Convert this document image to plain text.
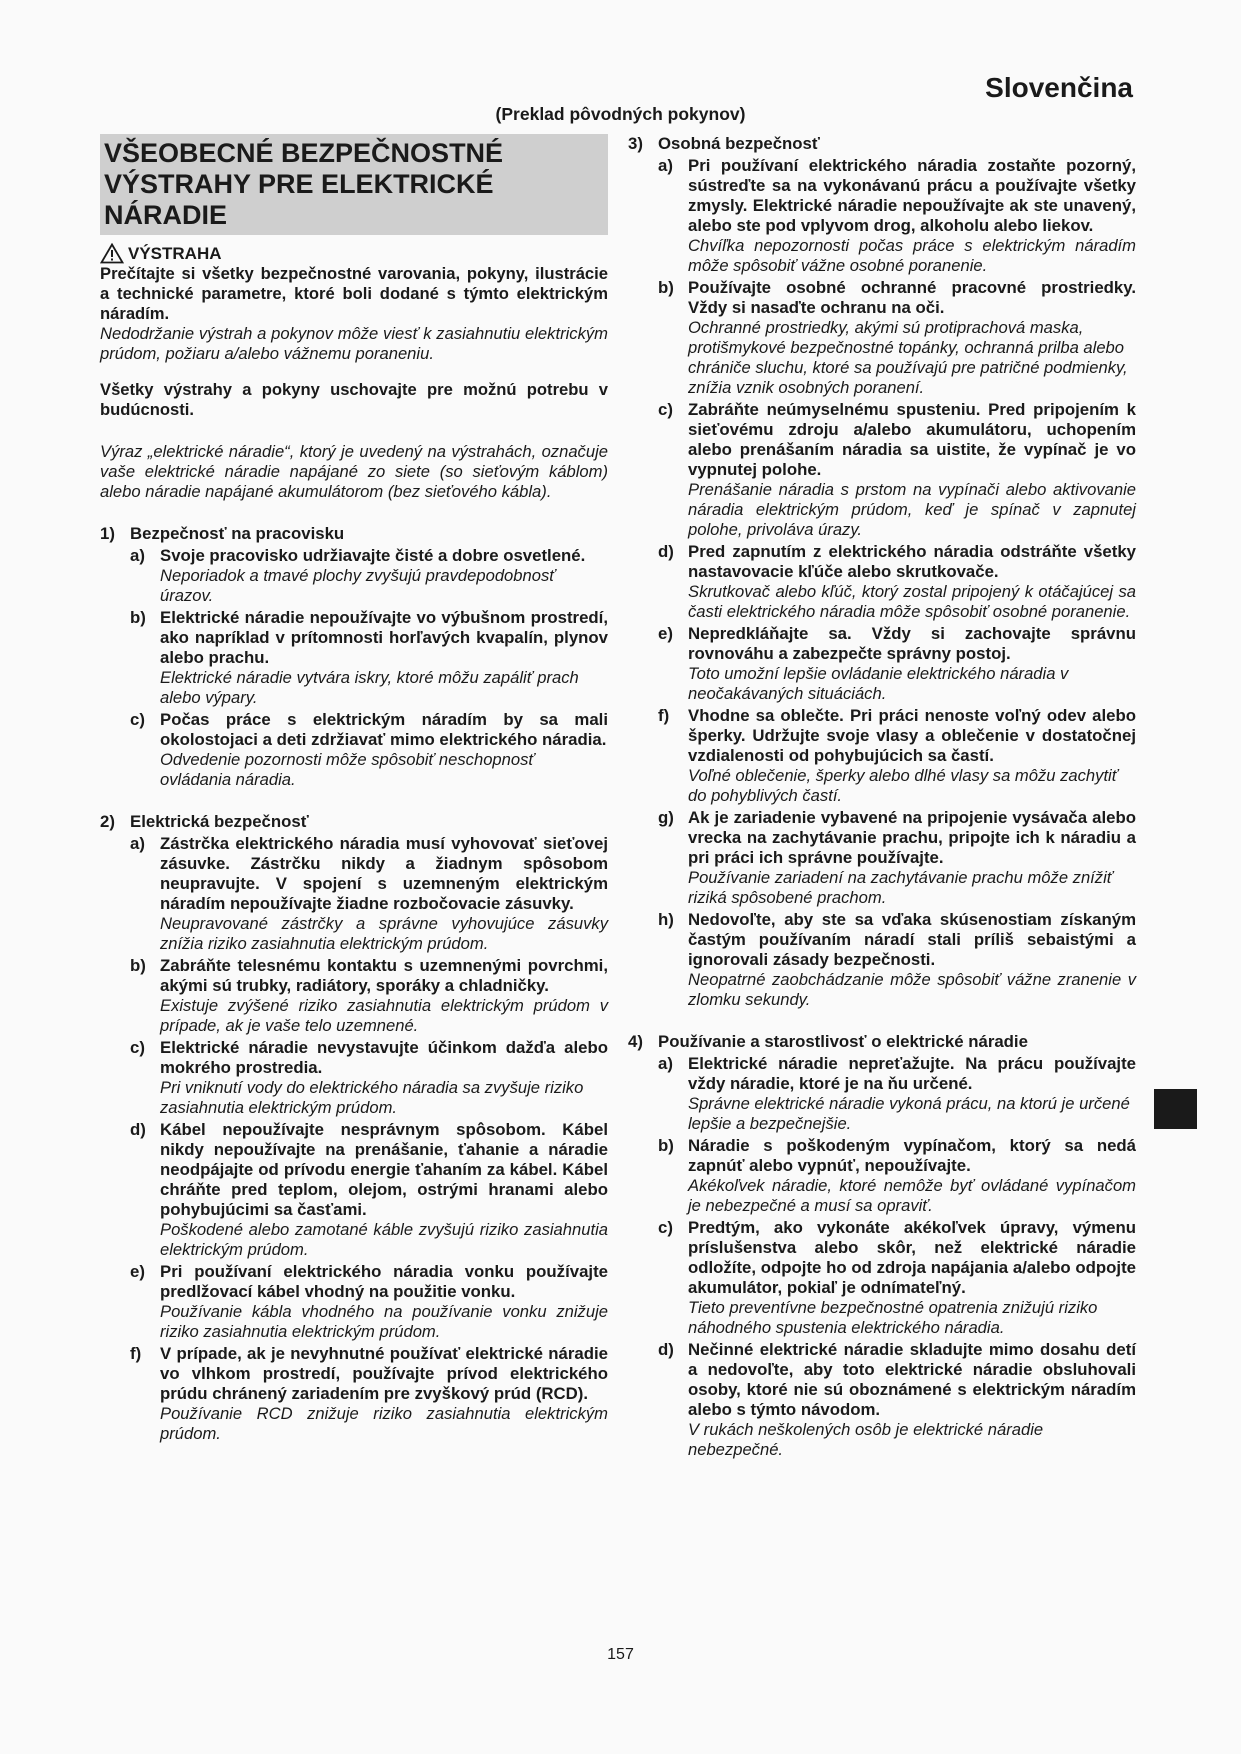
Slovenčina
(Preklad pôvodných pokynov)
VŠEOBECNÉ BEZPEČNOSTNÉ VÝSTRAHY PRE ELEKTRICKÉ NÁRADIE
VÝSTRAHA

Prečítajte si všetky bezpečnostné varovania, pokyny, ilustrácie a technické parametre, ktoré boli dodané s týmto elektrickým náradím.

Nedodržanie výstrah a pokynov môže viesť k zasiahnutiu elektrickým prúdom, požiaru a/alebo vážnemu poraneniu.

Všetky výstrahy a pokyny uschovajte pre možnú potrebu v budúcnosti.

Výraz „elektrické náradie“, ktorý je uvedený na výstrahách, označuje vaše elektrické náradie napájané zo siete (so sieťovým káblom) alebo náradie napájané akumulátorom (bez sieťového kábla).

1) Bezpečnosť na pracovisku
a) Svoje pracovisko udržiavajte čisté a dobre osvetlené.

Neporiadok a tmavé plochy zvyšujú pravdepodobnosť úrazov.

b) Elektrické náradie nepoužívajte vo výbušnom prostredí, ako napríklad v prítomnosti horľavých kvapalín, plynov alebo prachu.

Elektrické náradie vytvára iskry, ktoré môžu zapáliť prach alebo výpary.

c) Počas práce s elektrickým náradím by sa mali okolostojaci a deti zdržiavať mimo elektrického náradia.

Odvedenie pozornosti môže spôsobiť neschopnosť ovládania náradia.

2) Elektrická bezpečnosť
a) Zástrčka elektrického náradia musí vyhovovať sieťovej zásuvke. Zástrčku nikdy a žiadnym spôsobom neupravujte. V spojení s uzemneným elektrickým náradím nepoužívajte žiadne rozbočovacie zásuvky.

Neupravované zástrčky a správne vyhovujúce zásuvky znížia riziko zasiahnutia elektrickým prúdom.

b) Zabráňte telesnému kontaktu s uzemnenými povrchmi, akými sú trubky, radiátory, sporáky a chladničky.

Existuje zvýšené riziko zasiahnutia elektrickým prúdom v prípade, ak je vaše telo uzemnené.

c) Elektrické náradie nevystavujte účinkom dažďa alebo mokrého prostredia.

Pri vniknutí vody do elektrického náradia sa zvyšuje riziko zasiahnutia elektrickým prúdom.

d) Kábel nepoužívajte nesprávnym spôsobom. Kábel nikdy nepoužívajte na prenášanie, ťahanie a náradie neodpájajte od prívodu energie ťahaním za kábel. Kábel chráňte pred teplom, olejom, ostrými hranami alebo pohybujúcimi sa časťami.

Poškodené alebo zamotané káble zvyšujú riziko zasiahnutia elektrickým prúdom.

e) Pri používaní elektrického náradia vonku používajte predlžovací kábel vhodný na použitie vonku.

Používanie kábla vhodného na používanie vonku znižuje riziko zasiahnutia elektrickým prúdom.

f)	V prípade, ak je nevyhnutné používať elektrické náradie vo vlhkom prostredí, používajte prívod elektrického prúdu chránený zariadením pre zvyškový prúd (RCD).

Používanie RCD znižuje riziko zasiahnutia elektrickým prúdom.

3) Osobná bezpečnosť
a) Pri používaní elektrického náradia zostaňte pozorný, sústreďte sa na vykonávanú prácu a používajte všetky zmysly. Elektrické náradie nepoužívajte ak ste unavený, alebo ste pod vplyvom drog, alkoholu alebo liekov.

Chvíľka nepozornosti počas práce s elektrickým náradím môže spôsobiť vážne osobné poranenie.

b) Používajte osobné ochranné pracovné prostriedky. Vždy si nasaďte ochranu na oči.

Ochranné prostriedky, akými sú protiprachová maska, protišmykové bezpečnostné topánky, ochranná prilba alebo chrániče sluchu, ktoré sa používajú pre patričné podmienky, znížia vznik osobných poranení.

c) Zabráňte neúmyselnému spusteniu. Pred pripojením k sieťovému zdroju a/alebo akumulátoru, uchopením alebo prenášaním náradia sa uistite, že vypínač je vo vypnutej polohe.

Prenášanie náradia s prstom na vypínači alebo aktivovanie náradia elektrickým prúdom, keď je spínač v zapnutej polohe, privoláva úrazy.

d) Pred zapnutím z elektrického náradia odstráňte všetky nastavovacie kľúče alebo skrutkovače.

Skrutkovač alebo kľúč, ktorý zostal pripojený k otáčajúcej sa časti elektrického náradia môže spôsobiť osobné poranenie.

e) Nepredkláňajte sa. Vždy si zachovajte správnu rovnováhu a zabezpečte správny postoj.

Toto umožní lepšie ovládanie elektrického náradia v neočakávaných situáciách.

f)	Vhodne sa oblečte. Pri práci nenoste voľný odev alebo šperky. Udržujte svoje vlasy a oblečenie v dostatočnej vzdialenosti od pohybujúcich sa častí.

Voľné oblečenie, šperky alebo dlhé vlasy sa môžu zachytiť do pohyblivých častí.

g) Ak je zariadenie vybavené na pripojenie vysávača alebo vrecka na zachytávanie prachu, pripojte ich k náradiu a pri práci ich správne používajte.

Používanie zariadení na zachytávanie prachu môže znížiť riziká spôsobené prachom.

h) Nedovoľte, aby ste sa vďaka skúsenostiam získaným častým používaním náradí stali príliš sebaistými a ignorovali zásady bezpečnosti.

Neopatrné zaobchádzanie môže spôsobiť vážne zranenie v zlomku sekundy.

4) Používanie a starostlivosť o elektrické náradie
a) Elektrické náradie nepreťažujte. Na prácu používajte vždy náradie, ktoré je na ňu určené.

Správne elektrické náradie vykoná prácu, na ktorú je určené lepšie a bezpečnejšie.

b) Náradie s poškodeným vypínačom, ktorý sa nedá zapnúť alebo vypnúť, nepoužívajte.

Akékoľvek náradie, ktoré nemôže byť ovládané vypínačom je nebezpečné a musí sa opraviť.

c) Predtým, ako vykonáte akékoľvek úpravy, výmenu príslušenstva alebo skôr, než elektrické náradie odložíte, odpojte ho od zdroja napájania a/alebo odpojte akumulátor, pokiaľ je odnímateľný.

Tieto preventívne bezpečnostné opatrenia znižujú riziko náhodného spustenia elektrického náradia.

d) Nečinné elektrické náradie skladujte mimo dosahu detí a nedovoľte, aby toto elektrické náradie obsluhovali osoby, ktoré nie sú oboznámené s elektrickým náradím alebo s týmto návodom.

V rukách neškolených osôb je elektrické náradie nebezpečné.

157
